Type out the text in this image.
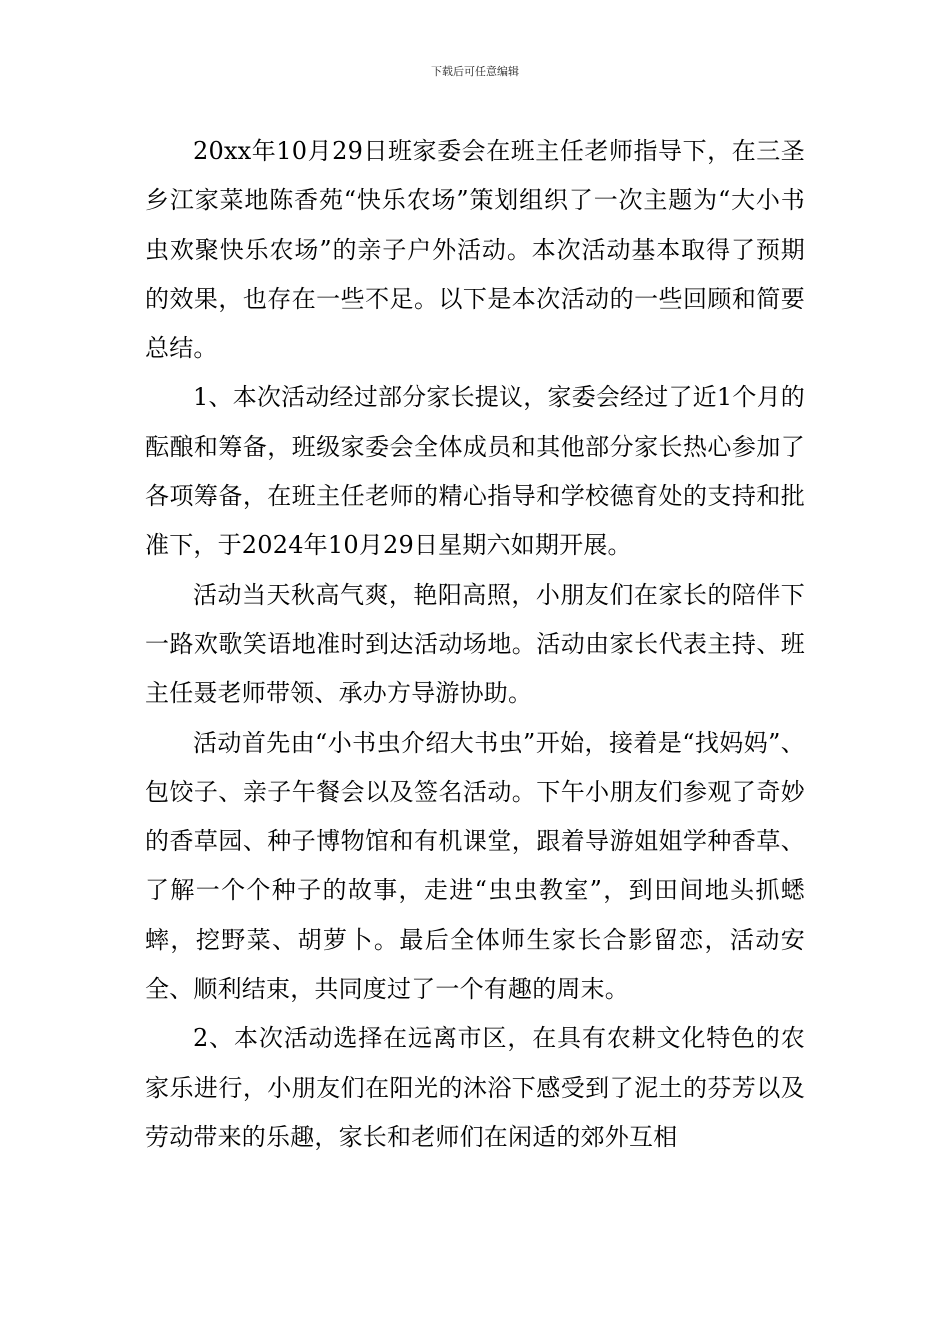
下载后可任意编辑

20xx年10月29日班家委会在班主任老师指导下，在三圣乡江家菜地陈香苑“快乐农场”策划组织了一次主题为“大小书虫欢聚快乐农场”的亲子户外活动。本次活动基本取得了预期的效果，也存在一些不足。以下是本次活动的一些回顾和简要总结。

1、本次活动经过部分家长提议，家委会经过了近1个月的酝酿和筹备，班级家委会全体成员和其他部分家长热心参加了各项筹备，在班主任老师的精心指导和学校德育处的支持和批准下，于2024年10月29日星期六如期开展。

活动当天秋高气爽，艳阳高照，小朋友们在家长的陪伴下一路欢歌笑语地准时到达活动场地。活动由家长代表主持、班主任聂老师带领、承办方导游协助。

活动首先由“小书虫介绍大书虫”开始，接着是“找妈妈”、包饺子、亲子午餐会以及签名活动。下午小朋友们参观了奇妙的香草园、种子博物馆和有机课堂，跟着导游姐姐学种香草、了解一个个种子的故事，走进“虫虫教室”，到田间地头抓蟋蟀，挖野菜、胡萝卜。最后全体师生家长合影留恋，活动安全、顺利结束，共同度过了一个有趣的周末。

2、本次活动选择在远离市区，在具有农耕文化特色的农家乐进行，小朋友们在阳光的沐浴下感受到了泥土的芬芳以及劳动带来的乐趣，家长和老师们在闲适的郊外互相
